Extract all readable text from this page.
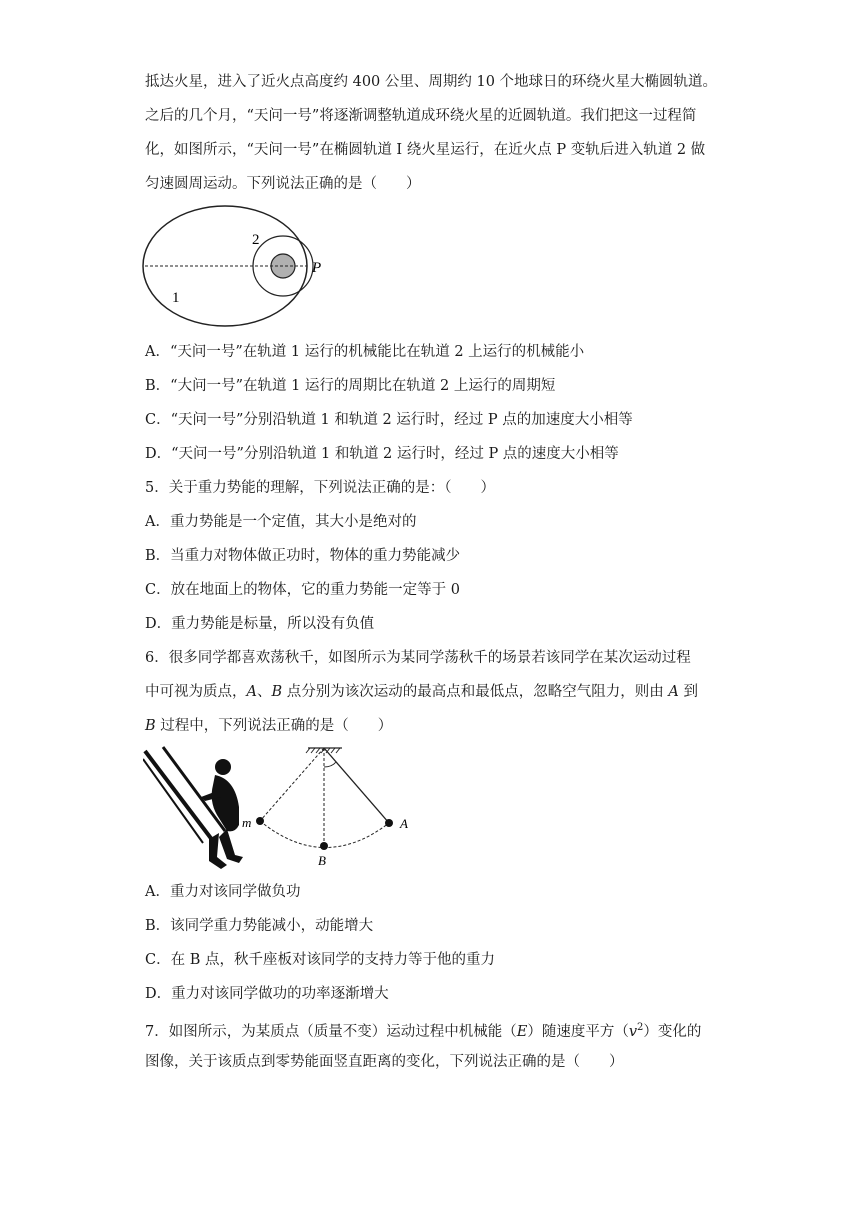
抵达火星，进入了近火点高度约 400 公里、周期约 10 个地球日的环绕火星大椭圆轨道。
之后的几个月，“天问一号”将逐渐调整轨道成环绕火星的近圆轨道。我们把这一过程简
化，如图所示，“天问一号”在椭圆轨道 I 绕火星运行，在近火点 P 变轨后进入轨道 2 做
匀速圆周运动。下列说法正确的是（　　）
2
P
1
A．“天问一号”在轨道 1 运行的机械能比在轨道 2 上运行的机械能小
B．“大问一号”在轨道 1 运行的周期比在轨道 2 上运行的周期短
C．“天问一号”分别沿轨道 1 和轨道 2 运行时，经过 P 点的加速度大小相等
D．“天问一号”分别沿轨道 1 和轨道 2 运行时，经过 P 点的速度大小相等
5．关于重力势能的理解，下列说法正确的是：（　　）
A．重力势能是一个定值，其大小是绝对的
B．当重力对物体做正功时，物体的重力势能减少
C．放在地面上的物体，它的重力势能一定等于 0
D．重力势能是标量，所以没有负值
6．很多同学都喜欢荡秋千，如图所示为某同学荡秋千的场景若该同学在某次运动过程
中可视为质点，A、B 点分别为该次运动的最高点和最低点，忽略空气阻力，则由 A 到
B 过程中，下列说法正确的是（　　）
m	A
B
A．重力对该同学做负功
B．该同学重力势能减小，动能增大
C．在 B 点，秋千座板对该同学的支持力等于他的重力
D．重力对该同学做功的功率逐渐增大
7．如图所示，为某质点（质量不变）运动过程中机械能（E）随速度平方$(v^2)$变化的
图像，关于该质点到零势能面竖直距离的变化，下列说法正确的是（　　）
